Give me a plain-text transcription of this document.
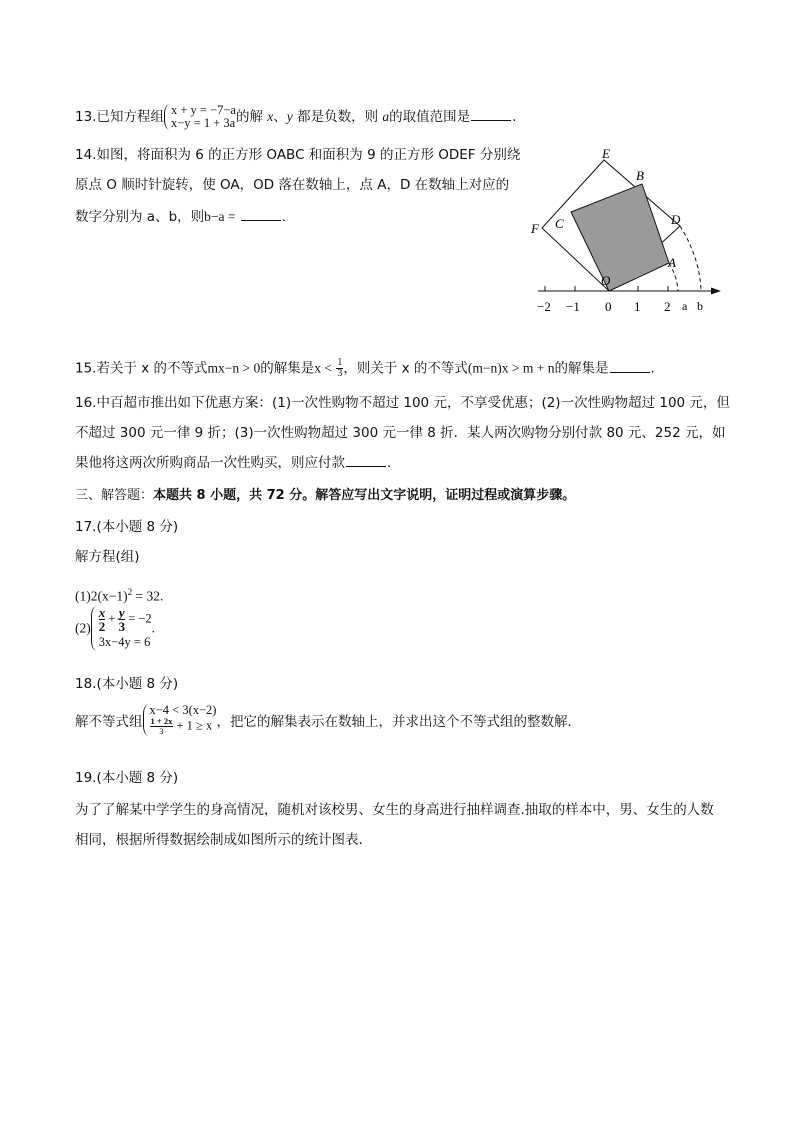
13.已知方程组 x + y = −7−a
x−y = 1 + 3a 的解 x、y 都是负数，则 a的取值范围是	.
14.如图，将面积为 6 的正方形 OABC 和面积为 9 的正方形 ODEF 分别绕
原点 O 顺时针旋转，使 OA，OD 落在数轴上，点 A，D 在数轴上对应的
数字分别为 a、b，则b−a =	.
E
B
C	D
F
A
O
−2 −1 0 1 2 a b
15.若关于 x 的不等式mx−n > 0的解集是$x < \frac{1}{3}$ ，则关于 x 的不等式(m−n)x > m + n的解集是	.
16.中百超市推出如下优惠方案：(1)一次性购物不超过 100 元，不享受优惠；(2)一次性购物超过 100 元，但不超过 300 元一律 9 折；(3)一次性购物超过 300 元一律 8 折．某人两次购物分别付款 80 元、252 元，如果他将这两次所购商品一次性购买，则应付款	.
三、解答题：本题共 8 小题，共 72 分。解答应写出文字说明，证明过程或演算步骤。
17.(本小题 8 分)
解方程(组)
$(1)2(x-1)^2 = 32$.
$(2) \frac{x}{2} + \frac{y}{3} = -2$
3x−4y = 6
.
18.(本小题 8 分)
解不等式组
x−4 < 3(x−2)
$\frac{1 + 2x}{3} + 1 \ge x$ ，把它的解集表示在数轴上，并求出这个不等式组的整数解．
19.(本小题 8 分)
为了了解某中学学生的身高情况，随机对该校男、女生的身高进行抽样调查.抽取的样本中，男、女生的人数相同，根据所得数据绘制成如图所示的统计图表.
